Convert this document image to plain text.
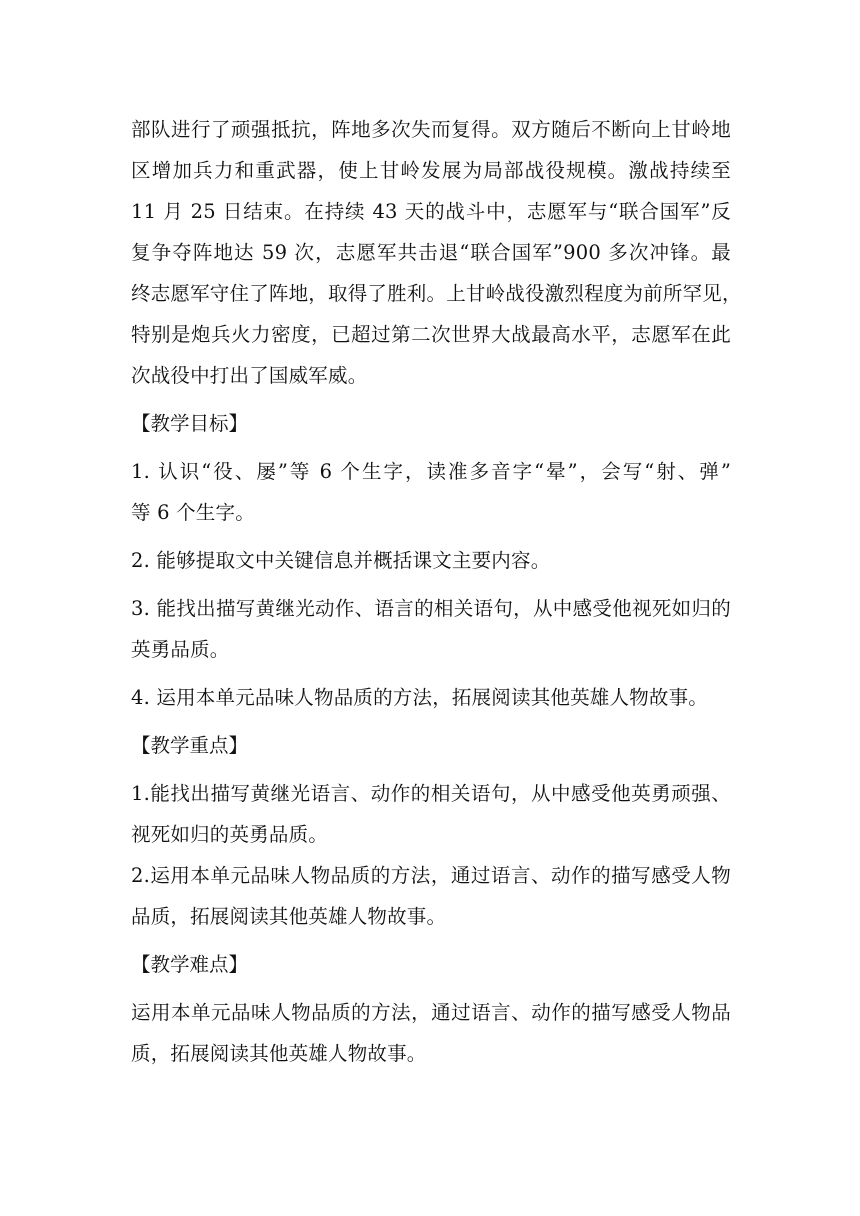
部队进行了顽强抵抗，阵地多次失而复得。双方随后不断向上甘岭地
区增加兵力和重武器，使上甘岭发展为局部战役规模。激战持续至
11 月 25 日结束。在持续 43 天的战斗中，志愿军与“联合国军”反
复争夺阵地达 59 次，志愿军共击退“联合国军”900 多次冲锋。最
终志愿军守住了阵地，取得了胜利。上甘岭战役激烈程度为前所罕见，
特别是炮兵火力密度，已超过第二次世界大战最高水平，志愿军在此
次战役中打出了国威军威。
【教学目标】
1. 认识“役、屡”等 6 个生字，读准多音字“晕”，会写“射、弹”
等 6 个生字。
2. 能够提取文中关键信息并概括课文主要内容。
3. 能找出描写黄继光动作、语言的相关语句，从中感受他视死如归的
英勇品质。
4. 运用本单元品味人物品质的方法，拓展阅读其他英雄人物故事。
【教学重点】
1.能找出描写黄继光语言、动作的相关语句，从中感受他英勇顽强、
视死如归的英勇品质。
2.运用本单元品味人物品质的方法，通过语言、动作的描写感受人物
品质，拓展阅读其他英雄人物故事。
【教学难点】
运用本单元品味人物品质的方法，通过语言、动作的描写感受人物品
质，拓展阅读其他英雄人物故事。
